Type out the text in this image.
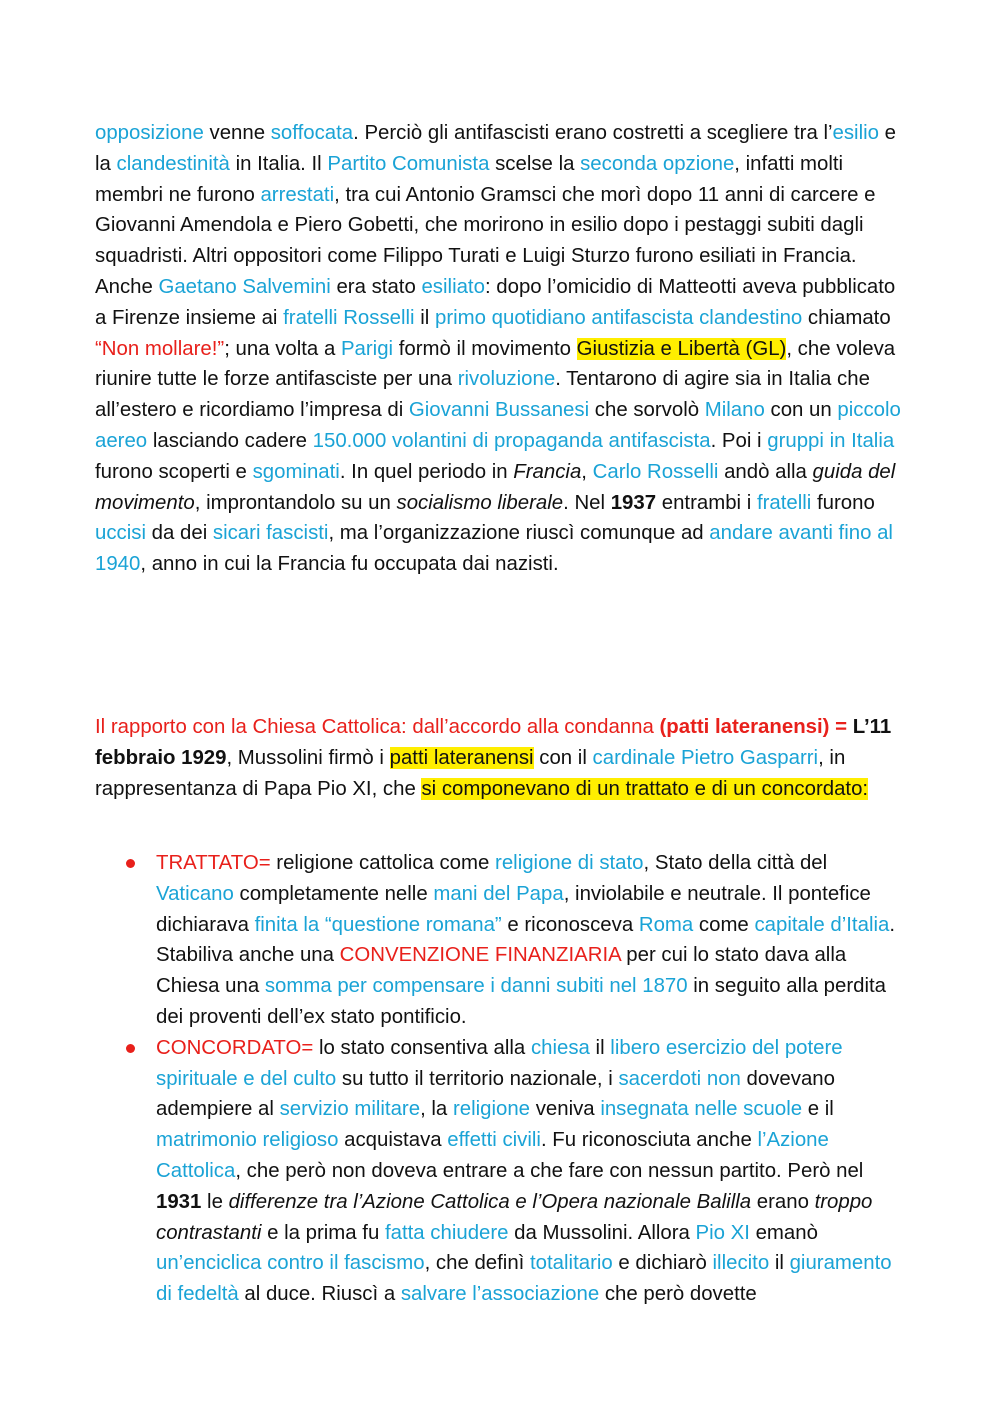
opposizione venne soffocata. Perciò gli antifascisti erano costretti a scegliere tra l’esilio e la clandestinità in Italia. Il Partito Comunista scelse la seconda opzione, infatti molti membri ne furono arrestati, tra cui Antonio Gramsci che morì dopo 11 anni di carcere e Giovanni Amendola e Piero Gobetti, che morirono in esilio dopo i pestaggi subiti dagli squadristi. Altri oppositori come Filippo Turati e Luigi Sturzo furono esiliati in Francia. Anche Gaetano Salvemini era stato esiliato: dopo l’omicidio di Matteotti aveva pubblicato a Firenze insieme ai fratelli Rosselli il primo quotidiano antifascista clandestino chiamato “Non mollare!”; una volta a Parigi formò il movimento Giustizia e Libertà (GL), che voleva riunire tutte le forze antifasciste per una rivoluzione. Tentarono di agire sia in Italia che all’estero e ricordiamo l’impresa di Giovanni Bussanesi che sorvolò Milano con un piccolo aereo lasciando cadere 150.000 volantini di propaganda antifascista. Poi i gruppi in Italia furono scoperti e sgominati. In quel periodo in Francia, Carlo Rosselli andò alla guida del movimento, improntandolo su un socialismo liberale. Nel 1937 entrambi i fratelli furono uccisi da dei sicari fascisti, ma l’organizzazione riuscì comunque ad andare avanti fino al 1940, anno in cui la Francia fu occupata dai nazisti.

Il rapporto con la Chiesa Cattolica: dall’accordo alla condanna (patti lateranensi) = L’11 febbraio 1929, Mussolini firmò i patti lateranensi con il cardinale Pietro Gasparri, in rappresentanza di Papa Pio XI, che si componevano di un trattato e di un concordato:

TRATTATO= religione cattolica come religione di stato, Stato della città del Vaticano completamente nelle mani del Papa, inviolabile e neutrale. Il pontefice dichiarava finita la “questione romana” e riconosceva Roma come capitale d’Italia. Stabiliva anche una CONVENZIONE FINANZIARIA per cui lo stato dava alla Chiesa una somma per compensare i danni subiti nel 1870 in seguito alla perdita dei proventi dell’ex stato pontificio.
CONCORDATO= lo stato consentiva alla chiesa il libero esercizio del potere spirituale e del culto su tutto il territorio nazionale, i sacerdoti non dovevano adempiere al servizio militare, la religione veniva insegnata nelle scuole e il matrimonio religioso acquistava effetti civili. Fu riconosciuta anche l’Azione Cattolica, che però non doveva entrare a che fare con nessun partito. Però nel 1931 le differenze tra l’Azione Cattolica e l’Opera nazionale Balilla erano troppo contrastanti e la prima fu fatta chiudere da Mussolini. Allora Pio XI emanò un’enciclica contro il fascismo, che definì totalitario e dichiarò illecito il giuramento di fedeltà al duce. Riuscì a salvare l’associazione che però dovette
